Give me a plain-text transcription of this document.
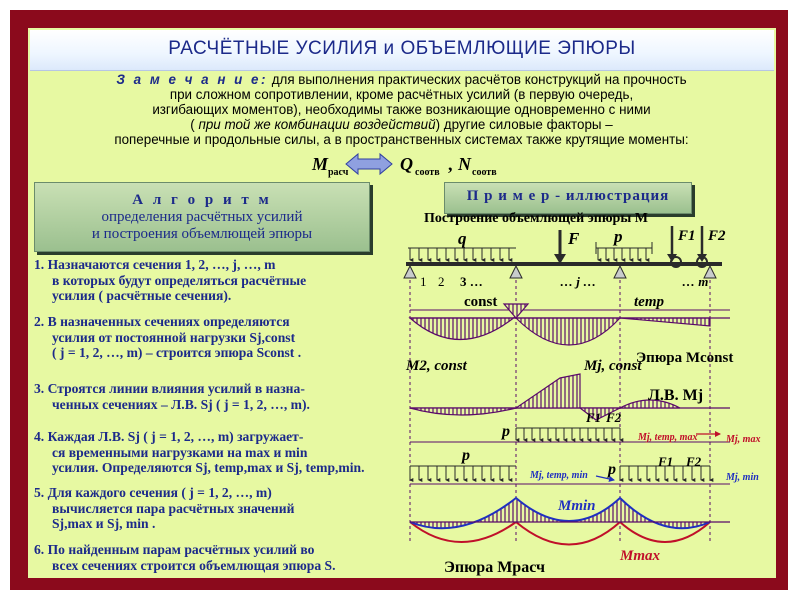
РАСЧЁТНЫЕ УСИЛИЯ и ОБЪЕМЛЮЩИЕ ЭПЮРЫ
З а м е ч а н и е: для выполнения практических расчётов конструкций на прочность
при сложном сопротивлении, кроме расчётных усилий (в первую очередь,
изгибающих моментов), необходимы также возникающие одновременно с ними
( при той же комбинации воздействий) другие силовые факторы –
поперечные и продольные силы, а в пространственных системах также крутящие моменты:
M расч	Q соотв , N соотв
А л г о р и т м
определения расчётных усилий
и построения объемлющей эпюры
П р и м е р - иллюстрация
Построение объемлющей эпюры M
1. Назначаются сечения 1, 2, …, j, …, m
в которых будут определяться расчётные
усилия ( расчётные сечения).
2. В назначенных сечениях определяются
усилия от постоянной нагрузки Sj,const
( j = 1, 2, …, m) – строится эпюра Sconst .
3. Строятся линии влияния усилий в назна-
ченных сечениях – Л.В. Sj ( j = 1, 2, …, m).
4. Каждая Л.В. Sj ( j = 1, 2, …, m) загружает-
ся временными нагрузками на max и min
усилия. Определяются Sj, temp,max и Sj, temp,min.
5. Для каждого сечения ( j = 1, 2, …, m)
вычисляется пара расчётных значений
Sj,max и Sj, min .
6. По найденным парам расчётных усилий во
всех сечениях строится объемлющая эпюра S.
q	F p	F1 F2
1 2 3 …	… j …	… m
const	temp
M2, const	Mj, const
Эпюра Mconst
Л.В. Mj
p
F1 F2
Mj, temp, max	Mj, max
p
p	F1 F2
Mj, temp, min	Mj, min
Mmin
Mmax
Эпюра Mрасч
